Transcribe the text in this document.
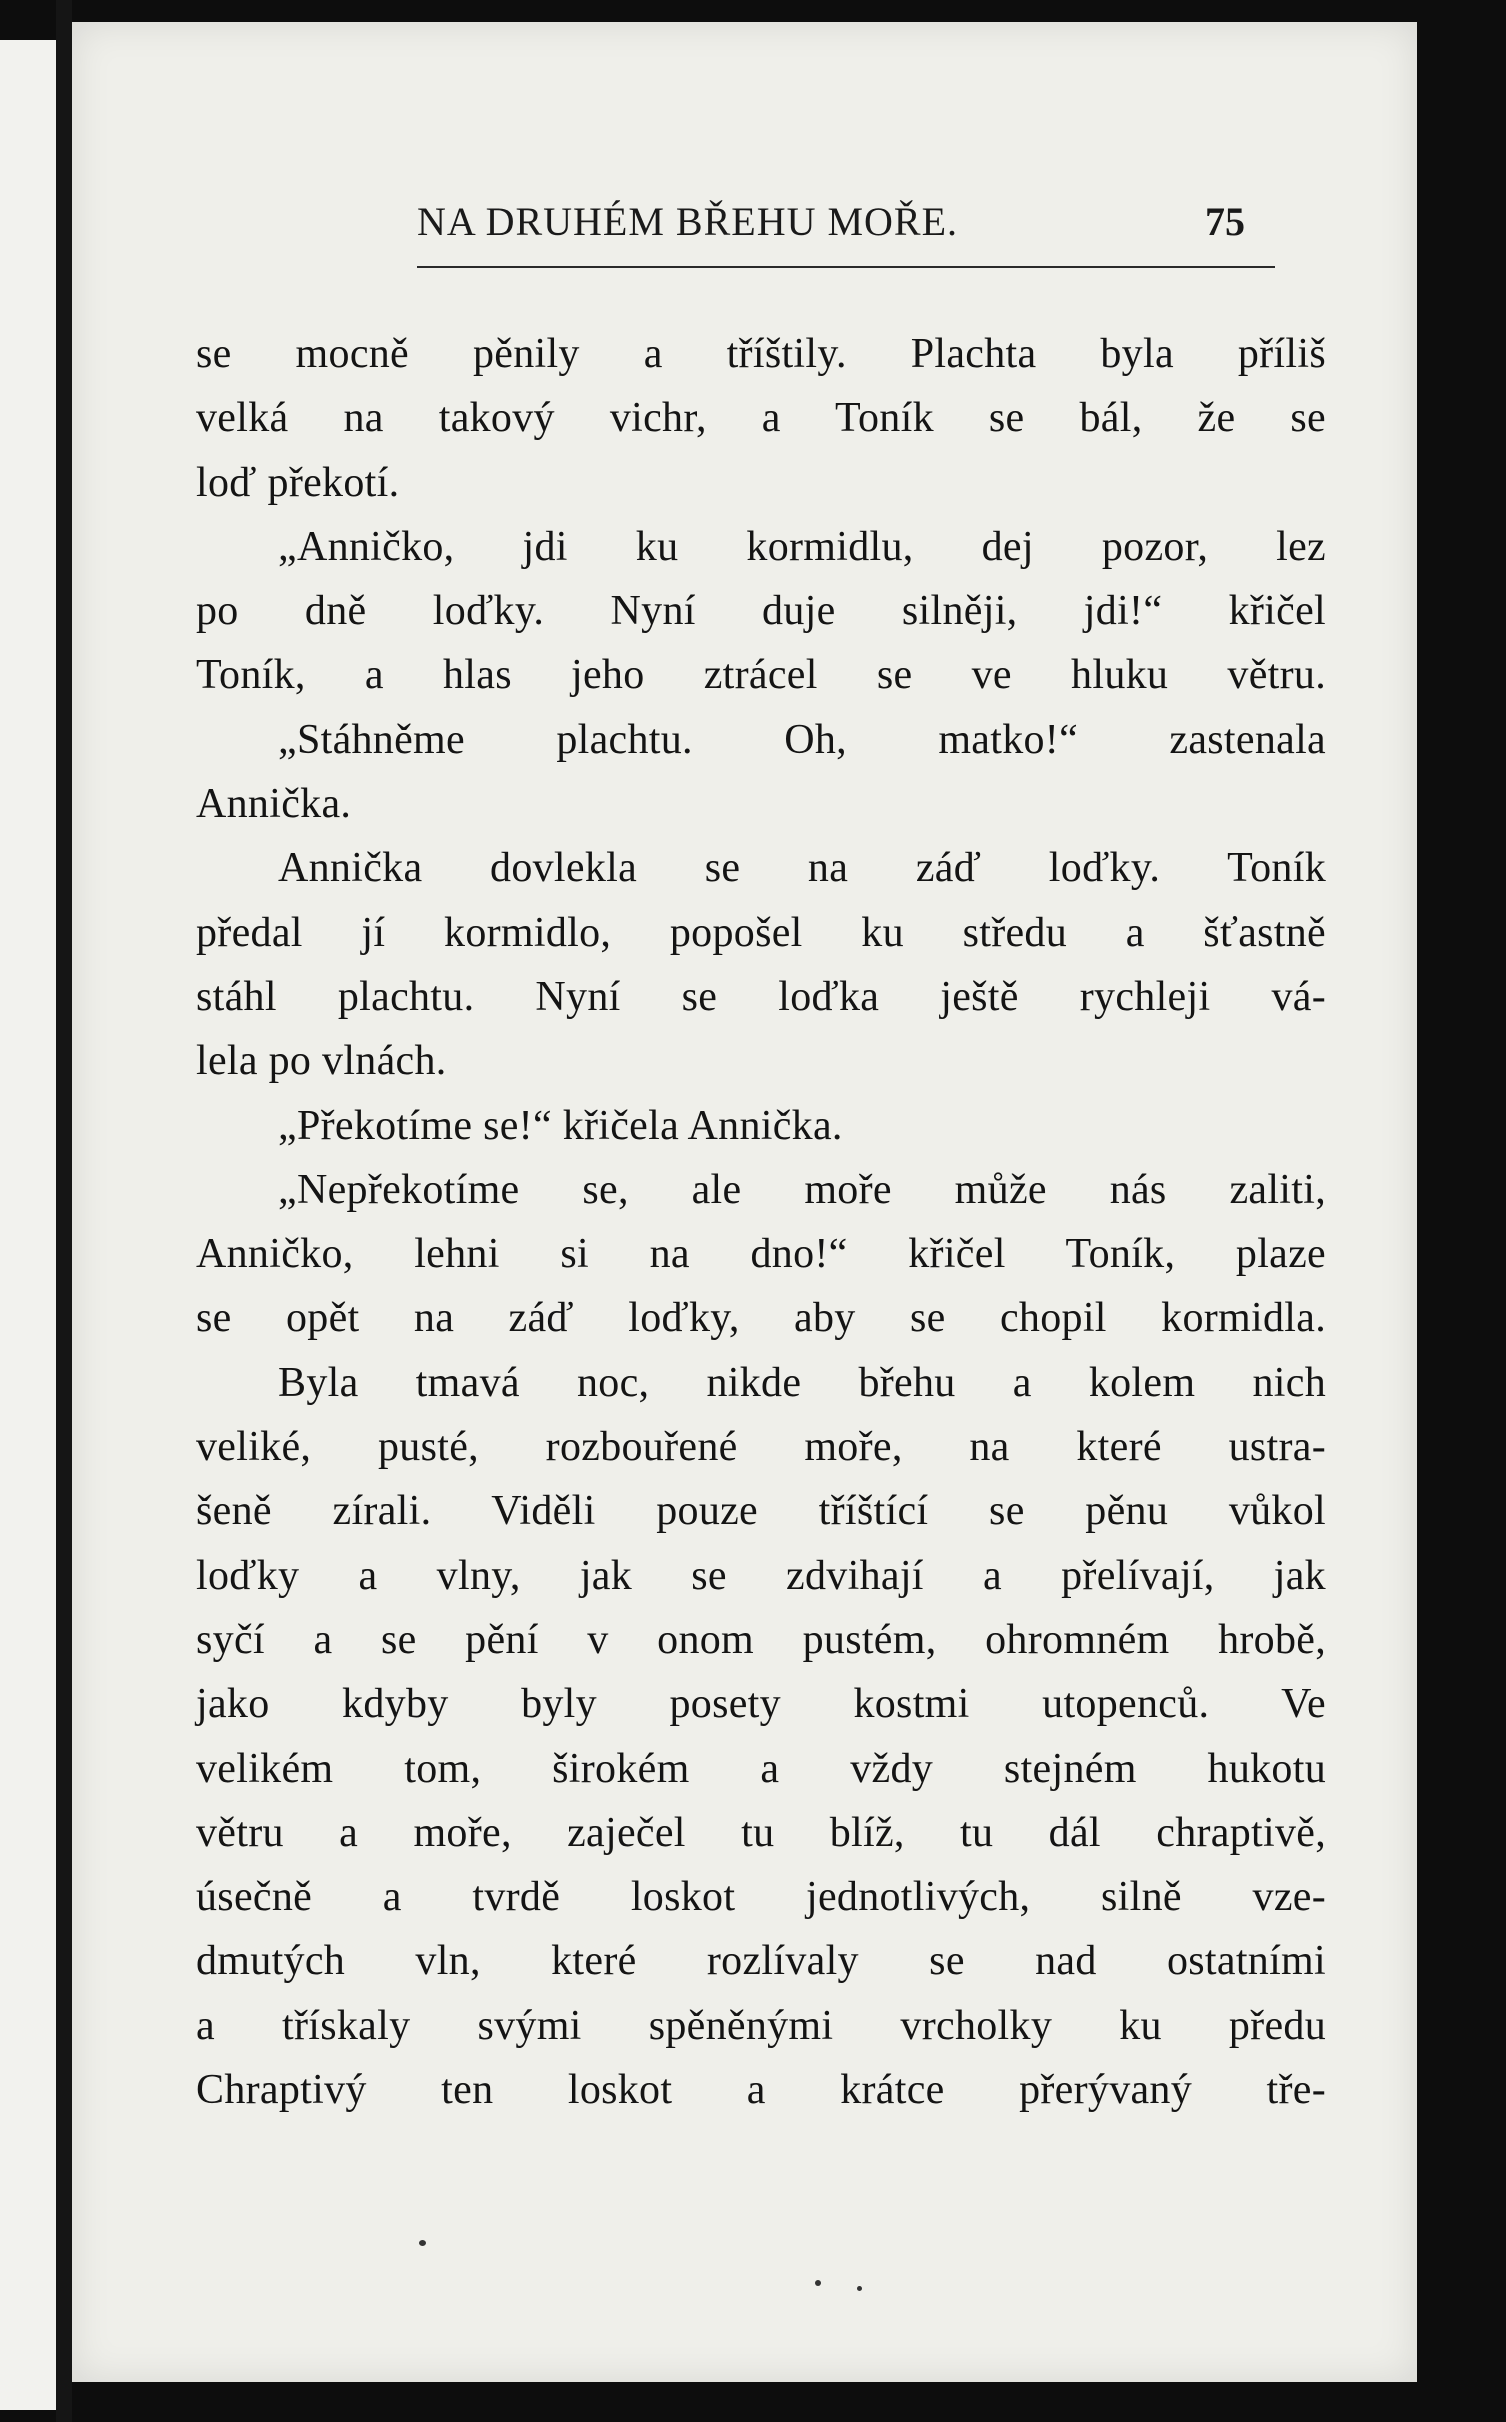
NA DRUHÉM BŘEHU MOŘE.	75
se mocně pěnily a tříštily. Plachta byla příliš
velká na takový vichr, a Toník se bál, že se
loď překotí.
„Anničko, jdi ku kormidlu, dej pozor, lez
po dně loďky. Nyní duje silněji, jdi!“ křičel
Toník, a hlas jeho ztrácel se ve hluku větru.
„Stáhněme plachtu. Oh, matko!“ zastenala
Annička.
Annička dovlekla se na záď loďky. Toník
předal jí kormidlo, popošel ku středu a šťastně
stáhl plachtu. Nyní se loďka ještě rychleji vá-
lela po vlnách.
„Překotíme se!“ křičela Annička.
„Nepřekotíme se, ale moře může nás zaliti,
Anničko, lehni si na dno!“ křičel Toník, plaze
se opět na záď loďky, aby se chopil kormidla.
Byla tmavá noc, nikde břehu a kolem nich
veliké, pusté, rozbouřené moře, na které ustra-
šeně zírali. Viděli pouze tříštící se pěnu vůkol
loďky a vlny, jak se zdvihají a přelívají, jak
syčí a se pění v onom pustém, ohromném hrobě,
jako kdyby byly posety kostmi utopenců. Ve
velikém tom, širokém a vždy stejném hukotu
větru a moře, zaječel tu blíž, tu dál chraptivě,
úsečně a tvrdě loskot jednotlivých, silně vze-
dmutých vln, které rozlívaly se nad ostatními
a třískaly svými spěněnými vrcholky ku předu
Chraptivý ten loskot a krátce přerývaný tře-
